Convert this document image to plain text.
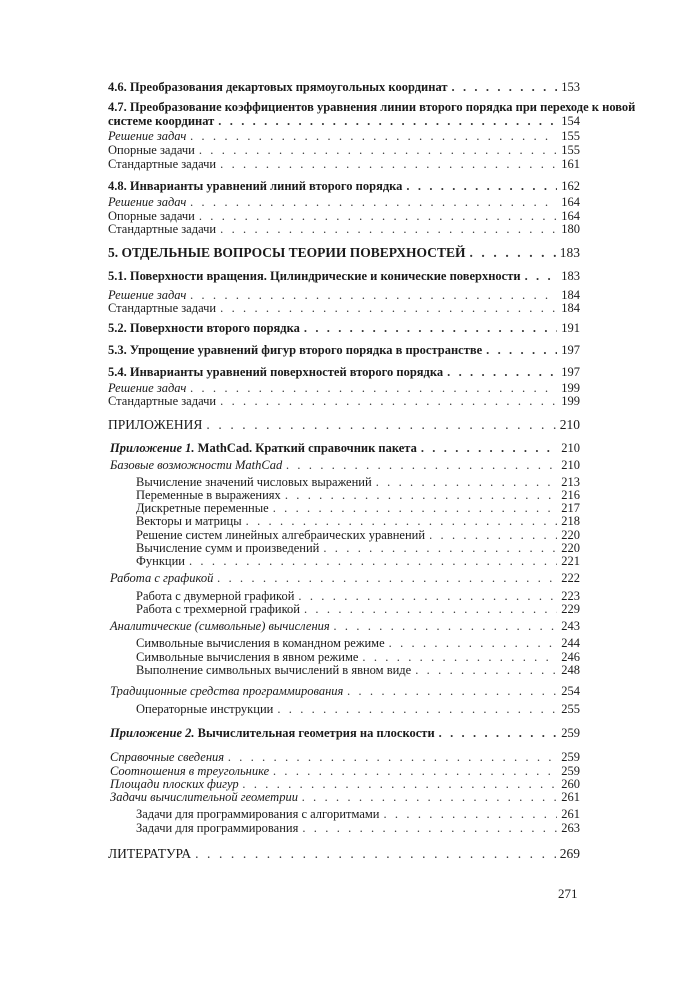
4.6. Преобразования декартовых прямоугольных координат . . .	153
4.7. Преобразование коэффициентов уравнения линии второго порядка при переходе к новой
системе координат . . .	154
Решение задач . . .	155
Опорные задачи . . .	155
Стандартные задачи . . .	161
4.8. Инварианты уравнений линий второго порядка . . .	162
Решение задач . . .	164
Опорные задачи . . .	164
Стандартные задачи . . .	180
5. ОТДЕЛЬНЫЕ ВОПРОСЫ ТЕОРИИ ПОВЕРХНОСТЕЙ . . .	183
5.1. Поверхности вращения. Цилиндрические и конические поверхности . . .	183
Решение задач . . .	184
Стандартные задачи . . .	184
5.2. Поверхности второго порядка . . .	191
5.3. Упрощение уравнений фигур второго порядка в пространстве . . .	197
5.4. Инварианты уравнений поверхностей второго порядка . . .	197
Решение задач . . .	199
Стандартные задачи . . .	199
ПРИЛОЖЕНИЯ . . .	210
Приложение 1. MathCad. Краткий справочник пакета . . .	210
Базовые возможности MathCad . . .	210
Вычисление значений числовых выражений . . .	213
Переменные в выражениях . . .	216
Дискретные переменные . . .	217
Векторы и матрицы . . .	218
Решение систем линейных алгебраических уравнений . . .	220
Вычисление сумм и произведений . . .	220
Функции . . .	221
Работа с графикой . . .	222
Работа с двумерной графикой . . .	223
Работа с трехмерной графикой . . .	229
Аналитические (символьные) вычисления . . .	243
Символьные вычисления в командном режиме . . .	244
Символьные вычисления в явном режиме . . .	246
Выполнение символьных вычислений в явном виде . . .	248
Традиционные средства программирования . . .	254
Операторные инструкции . . .	255
Приложение 2. Вычислительная геометрия на плоскости . . .	259
Справочные сведения . . .	259
Соотношения в треугольнике . . .	259
Площади плоских фигур . . .	260
Задачи вычислительной геометрии . . .	261
Задачи для программирования с алгоритмами . . .	261
Задачи для программирования . . .	263
ЛИТЕРАТУРА . . .	269
271
